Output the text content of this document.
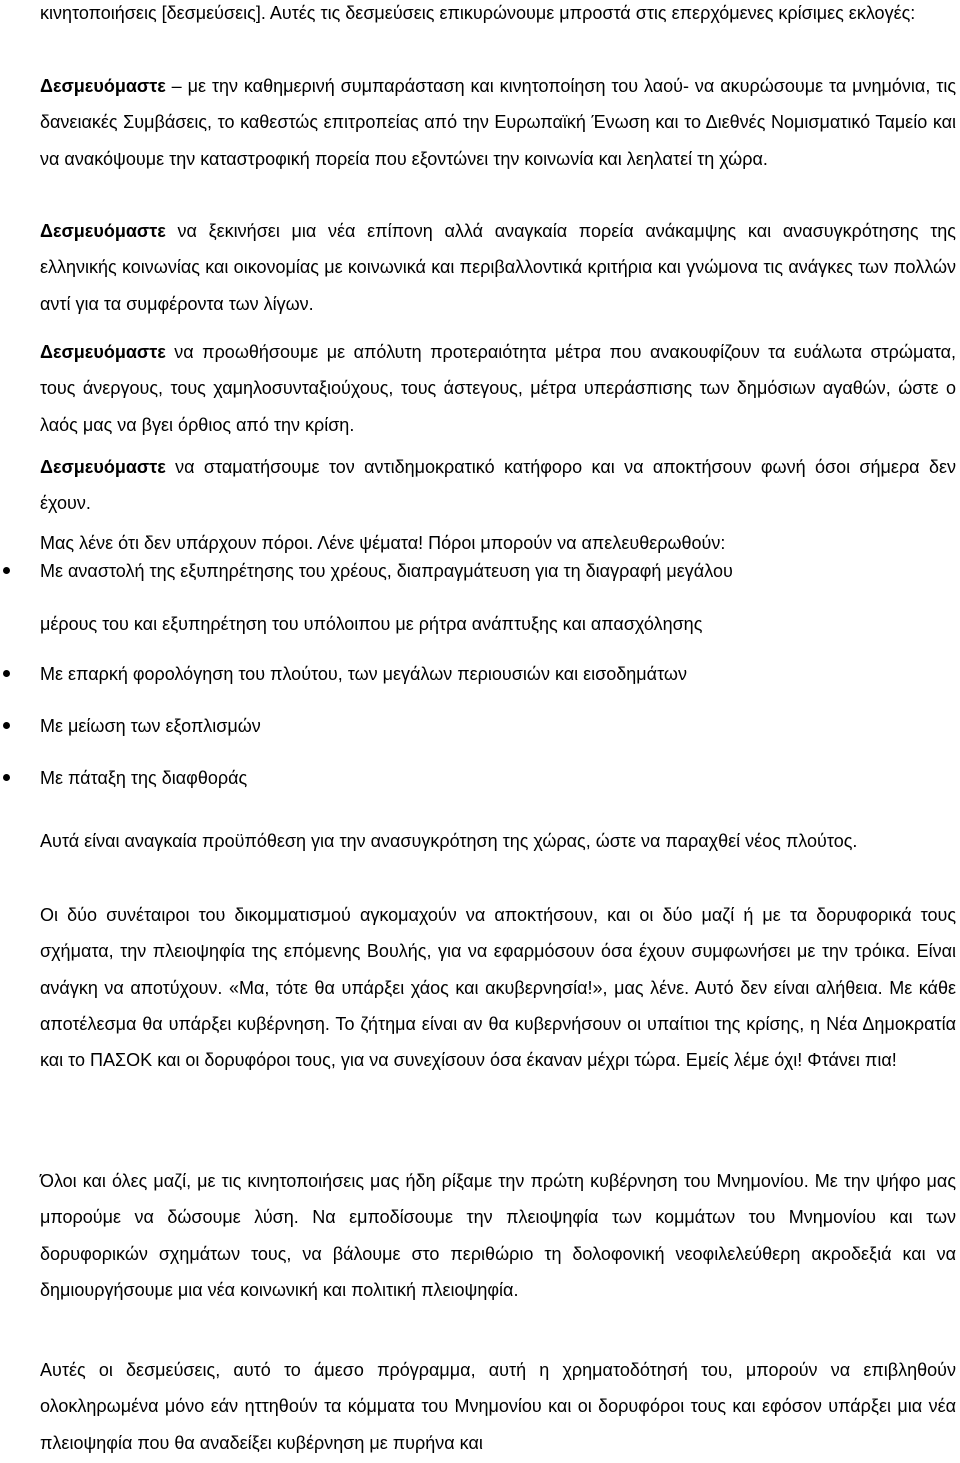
κινητοποιήσεις [δεσμεύσεις]. Αυτές τις δεσμεύσεις επικυρώνουμε μπροστά στις επερχόμενες κρίσιμες εκλογές:

Δεσμευόμαστε – με την καθημερινή συμπαράσταση και κινητοποίηση του λαού- να ακυρώσουμε τα μνημόνια, τις δανειακές Συμβάσεις, το καθεστώς επιτροπείας από την Ευρωπαϊκή Ένωση και το Διεθνές Νομισματικό Ταμείο και να ανακόψουμε την καταστροφική πορεία που εξοντώνει την κοινωνία και λεηλατεί τη χώρα.

Δεσμευόμαστε να ξεκινήσει μια νέα επίπονη αλλά αναγκαία πορεία ανάκαμψης και ανασυγκρότησης της ελληνικής κοινωνίας και οικονομίας με κοινωνικά και περιβαλλοντικά κριτήρια και γνώμονα τις ανάγκες των πολλών αντί για τα συμφέροντα των λίγων.

Δεσμευόμαστε να προωθήσουμε με απόλυτη προτεραιότητα μέτρα που ανακουφίζουν τα ευάλωτα στρώματα, τους άνεργους, τους χαμηλοσυνταξιούχους, τους άστεγους, μέτρα υπεράσπισης των δημόσιων αγαθών, ώστε ο λαός μας να βγει όρθιος από την κρίση.

Δεσμευόμαστε να σταματήσουμε τον αντιδημοκρατικό κατήφορο και να αποκτήσουν φωνή όσοι σήμερα δεν έχουν.

Μας λένε ότι δεν υπάρχουν πόροι. Λένε ψέματα! Πόροι μπορούν να απελευθερωθούν:

Με αναστολή της εξυπηρέτησης του χρέους, διαπραγμάτευση για τη διαγραφή μεγάλου
μέρους του και εξυπηρέτηση του υπόλοιπου με ρήτρα ανάπτυξης και απασχόλησης
Με επαρκή φορολόγηση του πλούτου, των μεγάλων περιουσιών και εισοδημάτων
Με μείωση των εξοπλισμών
Με πάταξη της διαφθοράς

Αυτά είναι αναγκαία προϋπόθεση για την ανασυγκρότηση της χώρας, ώστε να παραχθεί νέος πλούτος.

Οι δύο συνέταιροι του δικομματισμού αγκομαχούν να αποκτήσουν, και οι δύο μαζί ή με τα δορυφορικά τους σχήματα, την πλειοψηφία της επόμενης Βουλής, για να εφαρμόσουν όσα έχουν συμφωνήσει με την τρόικα. Είναι ανάγκη να αποτύχουν. «Μα, τότε θα υπάρξει χάος και ακυβερνησία!», μας λένε. Αυτό δεν είναι αλήθεια. Με κάθε αποτέλεσμα θα υπάρξει κυβέρνηση. Το ζήτημα είναι αν θα κυβερνήσουν οι υπαίτιοι της κρίσης, η Νέα Δημοκρατία και το ΠΑΣΟΚ και οι δορυφόροι τους, για να συνεχίσουν όσα έκαναν μέχρι τώρα. Εμείς λέμε όχι! Φτάνει πια!

Όλοι και όλες μαζί, με τις κινητοποιήσεις μας ήδη ρίξαμε την πρώτη κυβέρνηση του Μνημονίου. Με την ψήφο μας μπορούμε να δώσουμε λύση. Να εμποδίσουμε την πλειοψηφία των κομμάτων του Μνημονίου και των δορυφορικών σχημάτων τους, να βάλουμε στο περιθώριο τη δολοφονική νεοφιλελεύθερη ακροδεξιά και να δημιουργήσουμε μια νέα κοινωνική και πολιτική πλειοψηφία.

Αυτές οι δεσμεύσεις, αυτό το άμεσο πρόγραμμα, αυτή η χρηματοδότησή του, μπορούν να επιβληθούν ολοκληρωμένα μόνο εάν ηττηθούν τα κόμματα του Μνημονίου και οι δορυφόροι τους και εφόσον υπάρξει μια νέα πλειοψηφία που θα αναδείξει κυβέρνηση με πυρήνα και
